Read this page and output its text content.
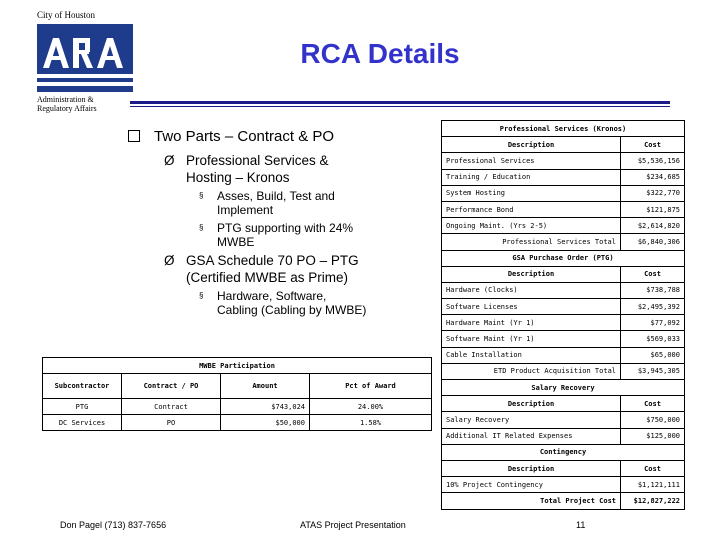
City of Houston
Administration &
Regulatory Affairs
RCA Details
Two Parts – Contract & PO
Ø Professional Services &
Hosting – Kronos
§ Asses, Build, Test and
Implement
§ PTG supporting with 24%
MWBE
Ø GSA Schedule 70 PO – PTG
(Certified MWBE as Prime)
§ Hardware, Software,
Cabling (Cabling by MWBE)
MWBE Participation			
Subcontractor	Contract / PO	Amount	Pct of Award
PTG	Contract	$743,024	24.00%
DC Services	PO	$50,000	1.58%
Professional Services (Kronos)	
Description	Cost
Professional Services	$5,536,156
Training / Education	$234,685
System Hosting	$322,770
Performance Bond	$121,875
Ongoing Maint. (Yrs 2-5)	$2,614,820
Professional Services Total	$6,840,306
GSA Purchase Order (PTG)	
Description	Cost
Hardware (Clocks)	$738,788
Software Licenses	$2,495,392
Hardware Maint (Yr 1)	$77,092
Software Maint (Yr 1)	$569,033
Cable Installation	$65,000
ETD Product Acquisition Total	$3,945,305
Salary Recovery	
Description	Cost
Salary Recovery	$750,000
Additional IT Related Expenses	$125,000
Contingency	
Description	Cost
10% Project Contingency	$1,121,111
Total Project Cost	$12,827,222
Don Pagel (713) 837-7656	ATAS Project Presentation	11
